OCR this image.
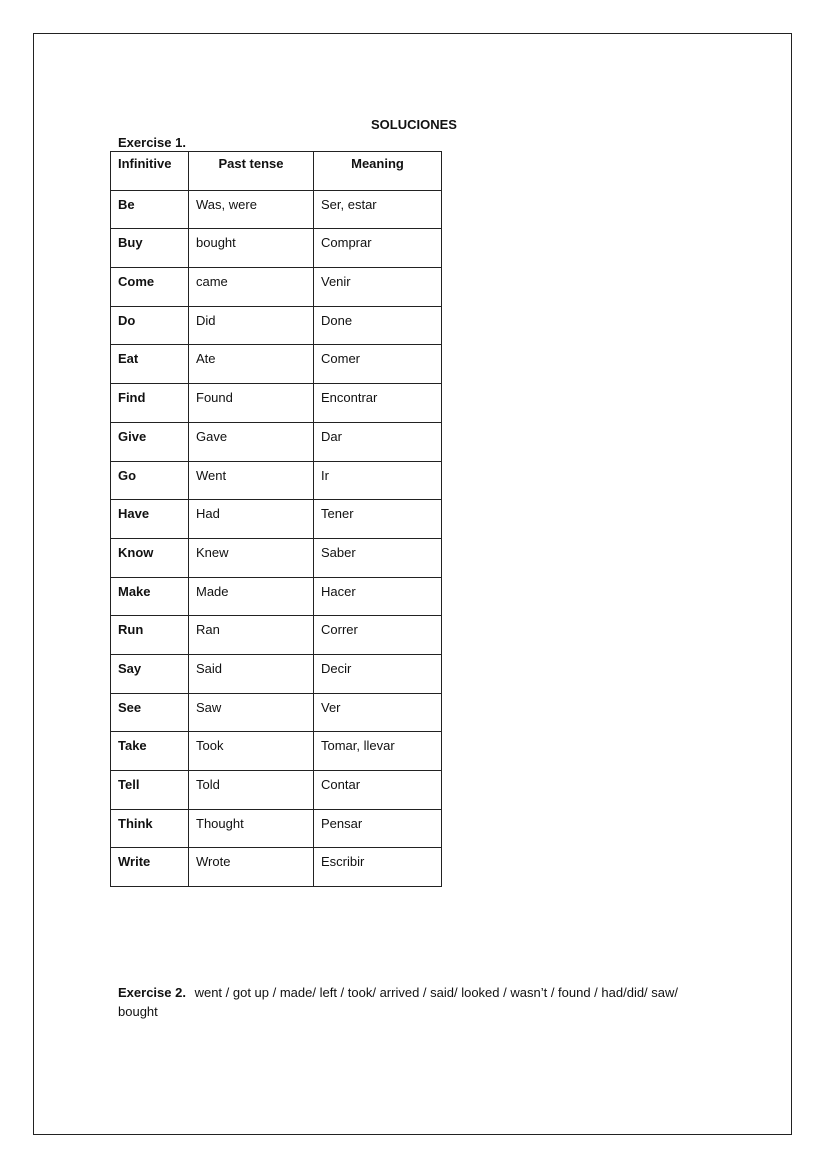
SOLUCIONES
Exercise 1.
Infinitive	Past tense	Meaning
Be	Was, were	Ser, estar
Buy	bought	Comprar
Come	came	Venir
Do	Did	Done
Eat	Ate	Comer
Find	Found	Encontrar
Give	Gave	Dar
Go	Went	Ir
Have	Had	Tener
Know	Knew	Saber
Make	Made	Hacer
Run	Ran	Correr
Say	Said	Decir
See	Saw	Ver
Take	Took	Tomar, llevar
Tell	Told	Contar
Think	Thought	Pensar
Write	Wrote	Escribir
Exercise 2. went / got up / made/ left / took/ arrived / said/ looked / wasn’t / found / had/did/ saw/ bought
